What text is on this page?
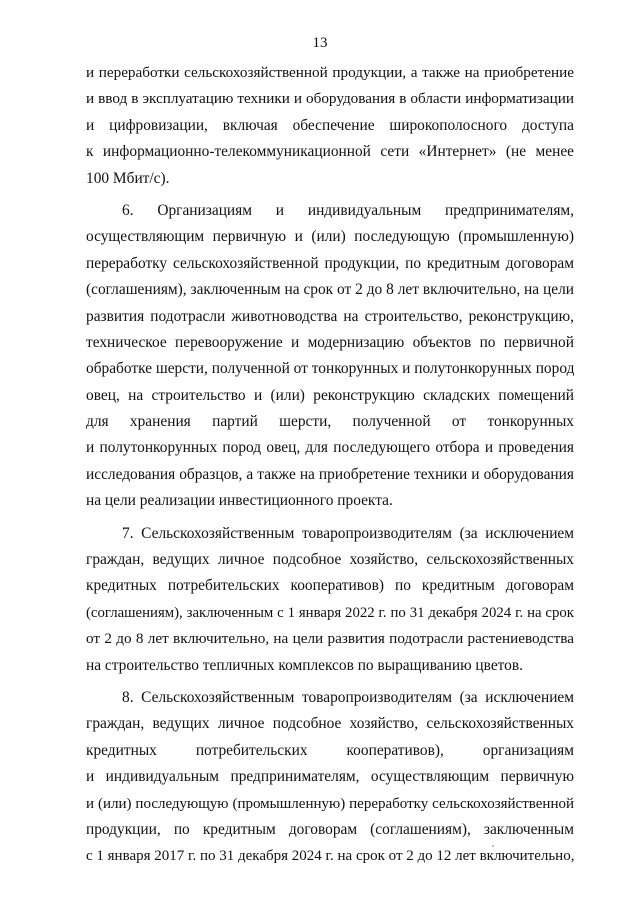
13
и переработки сельскохозяйственной продукции, а также на приобретение
и ввод в эксплуатацию техники и оборудования в области информатизации
и цифровизации, включая обеспечение широкополосного доступа
к информационно-телекоммуникационной сети «Интернет» (не менее
100 Мбит/с).
6. Организациям и индивидуальным предпринимателям,
осуществляющим первичную и (или) последующую (промышленную)
переработку сельскохозяйственной продукции, по кредитным договорам
(соглашениям), заключенным на срок от 2 до 8 лет включительно, на цели
развития подотрасли животноводства на строительство, реконструкцию,
техническое перевооружение и модернизацию объектов по первичной
обработке шерсти, полученной от тонкорунных и полутонкорунных пород
овец, на строительство и (или) реконструкцию складских помещений
для хранения партий шерсти, полученной от тонкорунных
и полутонкорунных пород овец, для последующего отбора и проведения
исследования образцов, а также на приобретение техники и оборудования
на цели реализации инвестиционного проекта.
7. Сельскохозяйственным товаропроизводителям (за исключением
граждан, ведущих личное подсобное хозяйство, сельскохозяйственных
кредитных потребительских кооперативов) по кредитным договорам
(соглашениям), заключенным с 1 января 2022 г. по 31 декабря 2024 г. на срок
от 2 до 8 лет включительно, на цели развития подотрасли растениеводства
на строительство тепличных комплексов по выращиванию цветов.
8. Сельскохозяйственным товаропроизводителям (за исключением
граждан, ведущих личное подсобное хозяйство, сельскохозяйственных
кредитных потребительских кооперативов), организациям
и индивидуальным предпринимателям, осуществляющим первичную
и (или) последующую (промышленную) переработку сельскохозяйственной
продукции, по кредитным договорам (соглашениям), заключенным
с 1 января 2017 г. по 31 декабря 2024 г. на срок от 2 до 12 лет включительно,
